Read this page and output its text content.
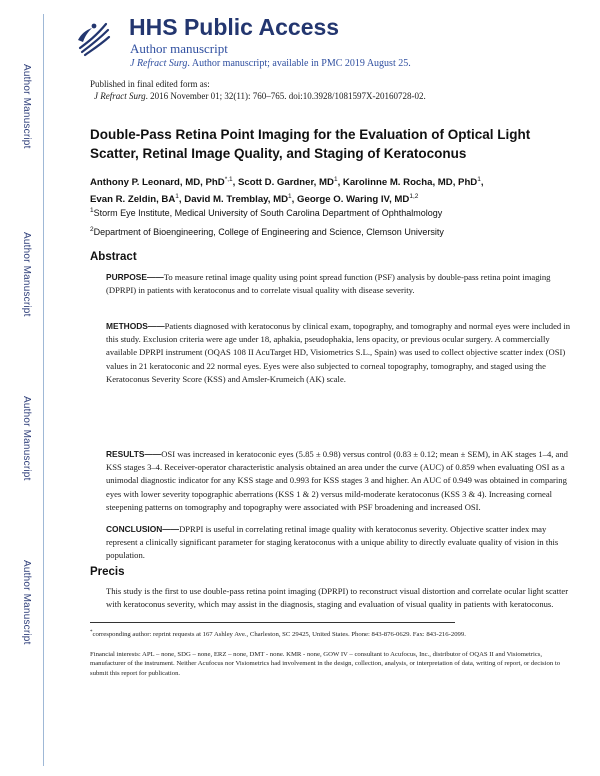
Author Manuscript
Author Manuscript
Author Manuscript
Author Manuscript
HHS Public Access
Author manuscript
J Refract Surg. Author manuscript; available in PMC 2019 August 25.
Published in final edited form as:
J Refract Surg. 2016 November 01; 32(11): 760–765. doi:10.3928/1081597X-20160728-02.
Double-Pass Retina Point Imaging for the Evaluation of Optical Light Scatter, Retinal Image Quality, and Staging of Keratoconus
Anthony P. Leonard, MD, PhD$^{*,1}$, Scott D. Gardner, $MD^1$, Karolinne M. Rocha, MD, PhD$^1$,
Evan R. Zeldin, $BA^1$, David M. Tremblay, $MD^1$, George O. Waring IV, MD$^{1,2}$
$^1$Storm Eye Institute, Medical University of South Carolina Department of Ophthalmology
$^2$Department of Bioengineering, College of Engineering and Science, Clemson University
Abstract
PURPOSE——To measure retinal image quality using point spread function (PSF) analysis by double-pass retina point imaging (DPRPI) in patients with keratoconus and to correlate visual quality with disease severity.
METHODS——Patients diagnosed with keratoconus by clinical exam, topography, and tomography and normal eyes were included in this study. Exclusion criteria were age under 18, aphakia, pseudophakia, lens opacity, or previous ocular surgery. A commercially available DPRPI instrument (OQAS 108 II AcuTarget HD, Visiometrics S.L., Spain) was used to collect objective scatter index (OSI) values in 21 keratoconic and 22 normal eyes. Eyes were also subjected to corneal topography, tomography, and staged using the Keratoconus Severity Score (KSS) and Amsler-Krumeich (AK) scale.
RESULTS——OSI was increased in keratoconic eyes (5.85 ± 0.98) versus control (0.83 ± 0.12; mean ± SEM), in AK stages 1–4, and KSS stages 3–4. Receiver-operator characteristic analysis obtained an area under the curve (AUC) of 0.859 when evaluating OSI as a unimodal diagnostic indicator for any KSS stage and 0.993 for KSS stages 3 and higher. An AUC of 0.949 was obtained in comparing eyes with lower severity topographic aberrations (KSS 1 & 2) versus mild-moderate keratoconus (KSS 3 & 4). Increasing corneal steepening patterns on tomography and topography were associated with PSF broadening and increased OSI.
CONCLUSION——DPRPI is useful in correlating retinal image quality with keratoconus severity. Objective scatter index may represent a clinically significant parameter for staging keratoconus with a unique ability to directly evaluate quality of vision in this population.
Precis
This study is the first to use double-pass retina point imaging (DPRPI) to reconstruct visual distortion and correlate ocular light scatter with keratoconus severity, which may assist in the diagnosis, staging and evaluation of visual quality in patients with keratoconus.
*corresponding author: reprint requests at 167 Ashley Ave., Charleston, SC 29425, United States. Phone: 843-876-0629. Fax: 843-216-2099.
Financial interests: APL – none, SDG – none, ERZ – none, DMT - none. KMR - none, GOW IV – consultant to Acufocus, Inc., distributor of OQAS II and Visiometrics, manufacturer of the instrument. Neither Acufocus nor Visiometrics had involvement in the design, collection, analysis, or interpretation of data, writing of report, or decision to submit this report for publication.
